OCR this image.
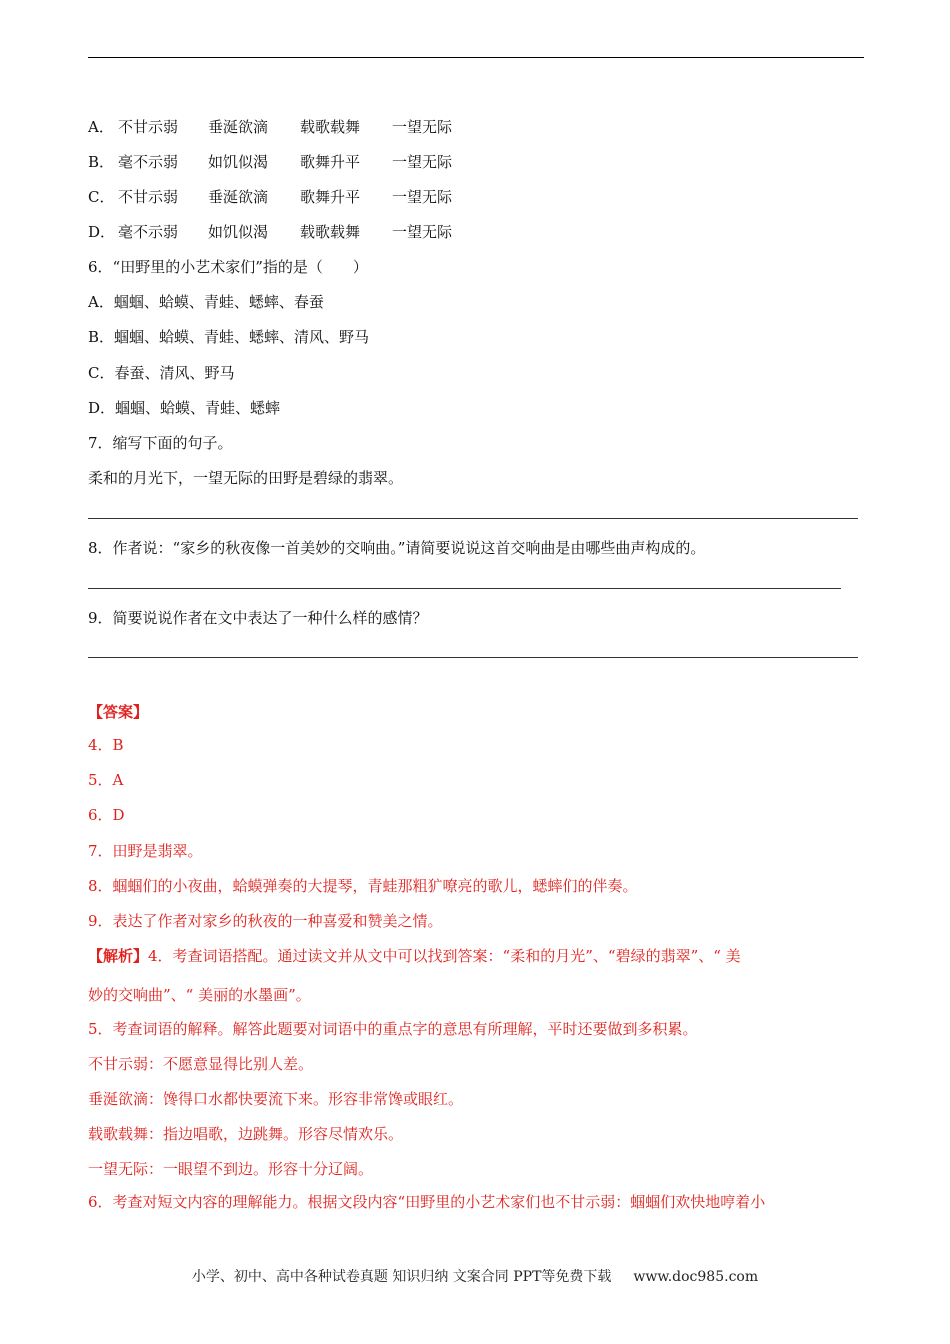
A． 不甘示弱 垂涎欲滴 载歌载舞 一望无际
B． 毫不示弱 如饥似渴 歌舞升平 一望无际
C． 不甘示弱 垂涎欲滴 歌舞升平 一望无际
D． 毫不示弱 如饥似渴 载歌载舞 一望无际
6．“田野里的小艺术家们”指的是（　　）
A．蝈蝈、蛤蟆、青蛙、蟋蟀、春蚕
B．蝈蝈、蛤蟆、青蛙、蟋蟀、清风、野马
C．春蚕、清风、野马
D．蝈蝈、蛤蟆、青蛙、蟋蟀
7．缩写下面的句子。
柔和的月光下，一望无际的田野是碧绿的翡翠。
8．作者说：“家乡的秋夜像一首美妙的交响曲。”请简要说说这首交响曲是由哪些曲声构成的。
9．简要说说作者在文中表达了一种什么样的感情？
【答案】
4．B
5．A
6．D
7．田野是翡翠。
8．蝈蝈们的小夜曲，蛤蟆弹奏的大提琴，青蛙那粗犷嘹亮的歌儿，蟋蟀们的伴奏。
9．表达了作者对家乡的秋夜的一种喜爱和赞美之情。
【解析】4．考查词语搭配。通过读文并从文中可以找到答案：“柔和的月光”、“碧绿的翡翠”、“ 美
妙的交响曲”、“ 美丽的水墨画”。
5．考查词语的解释。解答此题要对词语中的重点字的意思有所理解，平时还要做到多积累。
不甘示弱：不愿意显得比别人差。
垂涎欲滴：馋得口水都快要流下来。形容非常馋或眼红。
载歌载舞：指边唱歌，边跳舞。形容尽情欢乐。
一望无际：一眼望不到边。形容十分辽阔。
6．考查对短文内容的理解能力。根据文段内容“田野里的小艺术家们也不甘示弱：蝈蝈们欢快地哼着小
小学、初中、高中各种试卷真题 知识归纳 文案合同 PPT等免费下载 www.doc985.com
